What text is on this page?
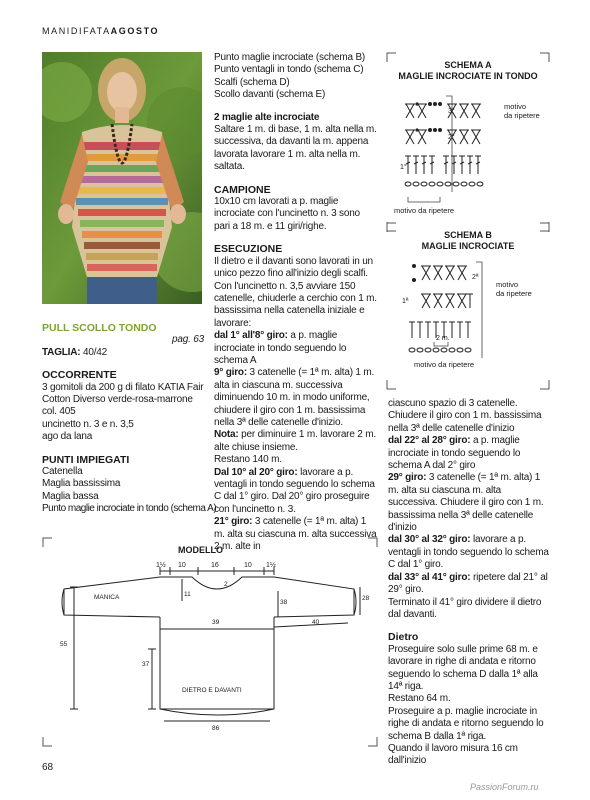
MANIDIFATAAGOSTO
PULL SCOLLO TONDO
pag. 63

TAGLIA: 40/42

OCCORRENTE

3 gomitoli da 200 g di filato KATIA Fair Cotton Diverso verde-rosa-marrone col. 405

uncinetto n. 3 e n. 3,5

ago da lana

PUNTI IMPIEGATI

Catenella

Maglia bassissima

Maglia bassa

Punto maglie incrociate in tondo (schema A)

Punto maglie incrociate (schema B)

Punto ventagli in tondo (schema C)

Scalfi (schema D)

Scollo davanti (schema E)

2 maglie alte incrociate

Saltare 1 m. di base, 1 m. alta nella m. successiva, da davanti la m. appena lavorata lavorare 1 m. alta nella m. saltata.

CAMPIONE

10x10 cm lavorati a p. maglie incrociate con l'uncinetto n. 3 sono pari a 18 m. e 11 giri/righe.

ESECUZIONE

Il dietro e il davanti sono lavorati in un unico pezzo fino all'inizio degli scalfi.

Con l'uncinetto n. 3,5 avviare 150 catenelle, chiuderle a cerchio con 1 m. bassissima nella catenella iniziale e lavorare:

dal 1° all'8° giro: a p. maglie incrociate in tondo seguendo lo schema A

9° giro: 3 catenelle (= 1ª m. alta) 1 m. alta in ciascuna m. successiva diminuendo 10 m. in modo uniforme, chiudere il giro con 1 m. bassissima nella 3ª delle catenelle d'inizio.

Nota: per diminuire 1 m. lavorare 2 m. alte chiuse insieme.

Restano 140 m.

Dal 10° al 20° giro: lavorare a p. ventagli in tondo seguendo lo schema C dal 1° giro. Dal 20° giro proseguire con l'uncinetto n. 3.

21° giro: 3 catenelle (= 1ª m. alta) 1 m. alta su ciascuna m. alta successiva 2 m. alte in

ciascuno spazio di 3 catenelle. Chiudere il giro con 1 m. bassissima nella 3ª delle catenelle d'inizio

dal 22° al 28° giro: a p. maglie incrociate in tondo seguendo lo schema A dal 2° giro

29° giro: 3 catenelle (= 1ª m. alta) 1 m. alta su ciascuna m. alta successiva. Chiudere il giro con 1 m. bassissima nella 3ª delle catenelle d'inizio

dal 30° al 32° giro: lavorare a p. ventagli in tondo seguendo lo schema C dal 1° giro.

dal 33° al 41° giro: ripetere dal 21° al 29° giro.

Terminato il 41° giro dividere il dietro dal davanti.

Dietro

Proseguire solo sulle prime 68 m. e lavorare in righe di andata e ritorno seguendo lo schema D dalla 1ª alla 14ª riga.

Restano 64 m.

Proseguire a p. maglie incrociate in righe di andata e ritorno seguendo lo schema B dalla 1ª riga.

Quando il lavoro misura 16 cm dall'inizio

SCHEMA A
MAGLIE INCROCIATE IN TONDO
3°
2°
1°
motivo
da ripetere
motivo da ripetere
SCHEMA B
MAGLIE INCROCIATE
2ª
1ª
motivo
da ripetere
2 m.
motivo da ripetere
MODELLO
1½ 10	16	10 1½
MANICA	11
2
38
28
39	40
55
37
DIETRO E DAVANTI
86
68
PassionForum.ru
